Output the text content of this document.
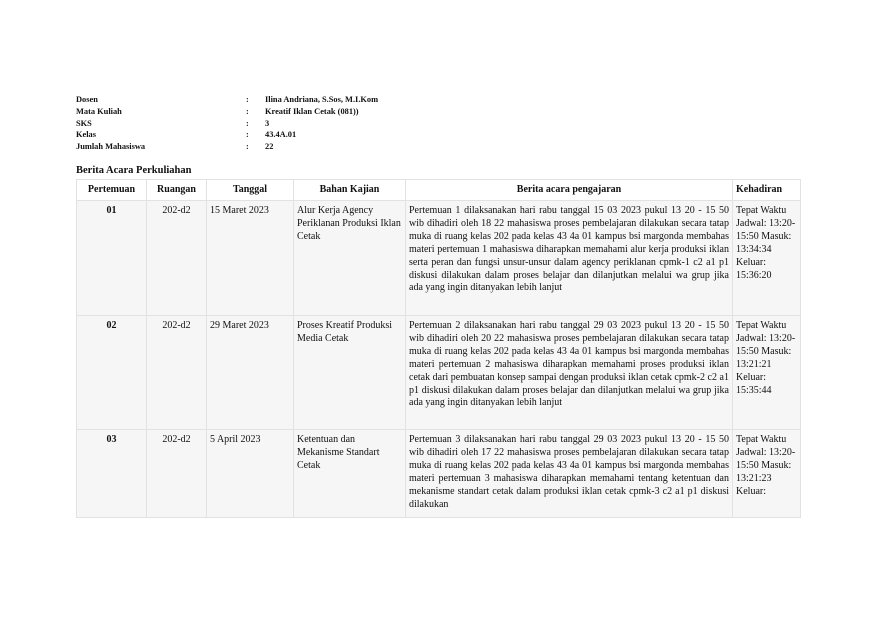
Dosen	:	Ilina Andriana, S.Sos, M.I.Kom
Mata Kuliah	:	Kreatif Iklan Cetak (081))
SKS	:	3
Kelas	:	43.4A.01
Jumlah Mahasiswa	:	22
Berita Acara Perkuliahan
Pertemuan	Ruangan	Tanggal	Bahan Kajian	Berita acara pengajaran	Kehadiran
01	202-d2	15 Maret 2023	Alur Kerja Agency Periklanan Produksi Iklan Cetak	Pertemuan 1 dilaksanakan hari rabu tanggal 15 03 2023 pukul 13 20 - 15 50 wib dihadiri oleh 18 22 mahasiswa proses pembelajaran dilakukan secara tatap muka di ruang kelas 202 pada kelas 43 4a 01 kampus bsi margonda membahas materi pertemuan 1 mahasiswa diharapkan memahami alur kerja produksi iklan serta peran dan fungsi unsur-unsur dalam agency periklanan cpmk-1 c2 a1 p1 diskusi dilakukan dalam proses belajar dan dilanjutkan melalui wa grup jika ada yang ingin ditanyakan lebih lanjut	Tepat Waktu Jadwal: 13:20-15:50 Masuk: 13:34:34 Keluar: 15:36:20
02	202-d2	29 Maret 2023	Proses Kreatif Produksi Media Cetak	Pertemuan 2 dilaksanakan hari rabu tanggal 29 03 2023 pukul 13 20 - 15 50 wib dihadiri oleh 20 22 mahasiswa proses pembelajaran dilakukan secara tatap muka di ruang kelas 202 pada kelas 43 4a 01 kampus bsi margonda membahas materi pertemuan 2 mahasiswa diharapkan memahami proses produksi iklan cetak dari pembuatan konsep sampai dengan produksi iklan cetak cpmk-2 c2 a1 p1 diskusi dilakukan dalam proses belajar dan dilanjutkan melalui wa grup jika ada yang ingin ditanyakan lebih lanjut	Tepat Waktu Jadwal: 13:20-15:50 Masuk: 13:21:21 Keluar: 15:35:44
03	202-d2	5 April 2023	Ketentuan dan Mekanisme Standart Cetak	Pertemuan 3 dilaksanakan hari rabu tanggal 29 03 2023 pukul 13 20 - 15 50 wib dihadiri oleh 17 22 mahasiswa proses pembelajaran dilakukan secara tatap muka di ruang kelas 202 pada kelas 43 4a 01 kampus bsi margonda membahas materi pertemuan 3 mahasiswa diharapkan memahami tentang ketentuan dan mekanisme standart cetak dalam produksi iklan cetak cpmk-3 c2 a1 p1 diskusi dilakukan	Tepat Waktu Jadwal: 13:20-15:50 Masuk: 13:21:23 Keluar:
